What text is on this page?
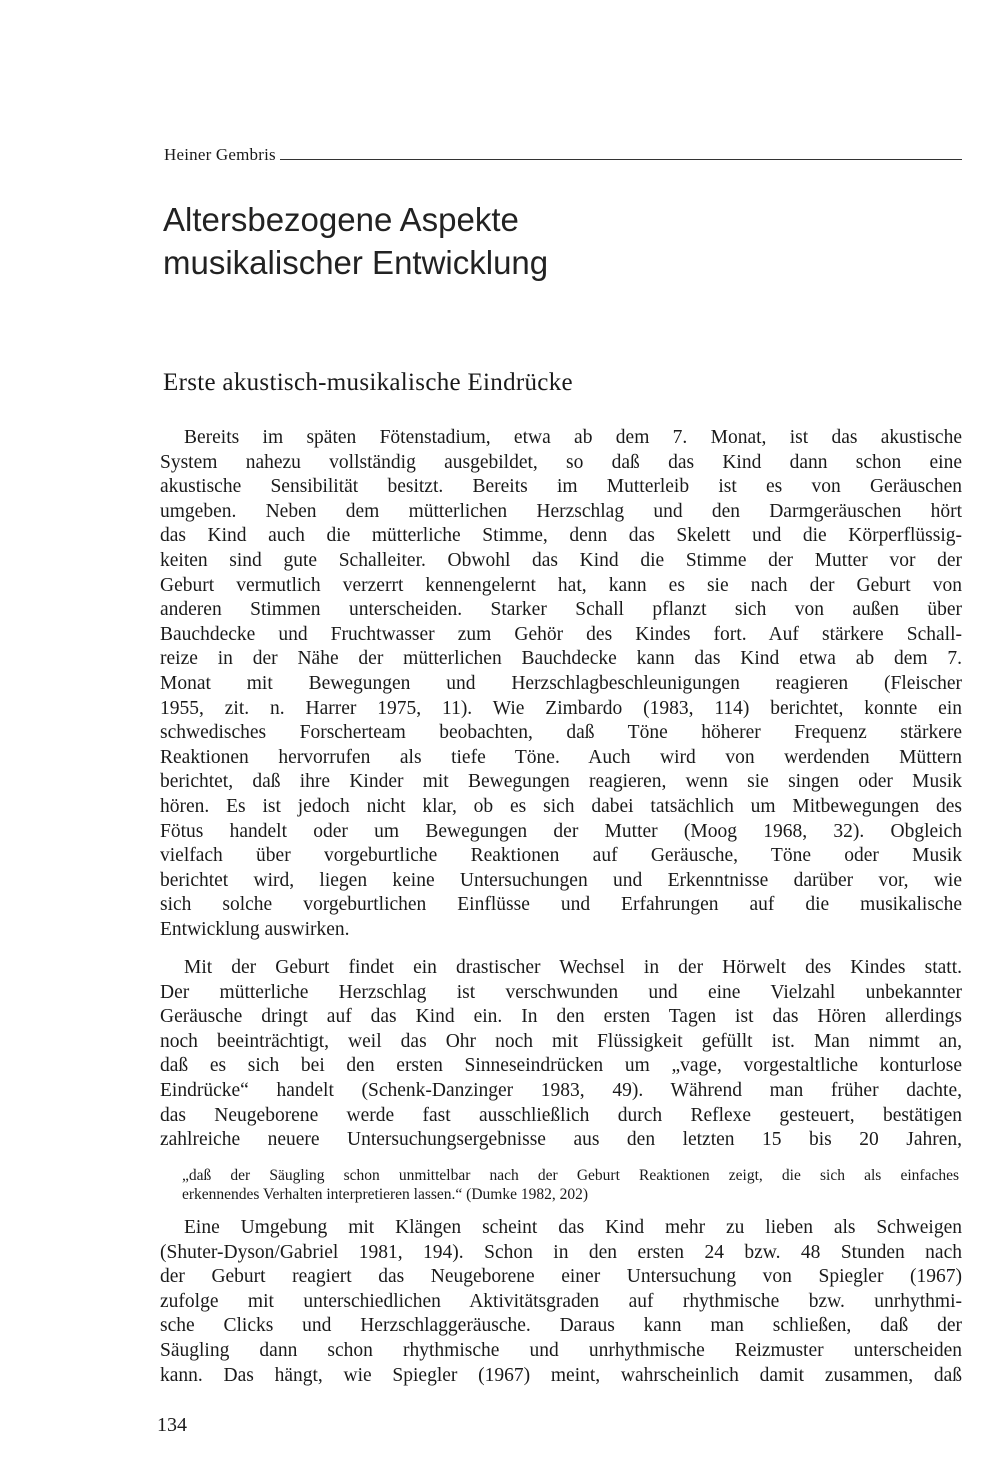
Heiner Gembris
Altersbezogene Aspekte
musikalischer Entwicklung
Erste akustisch-musikalische Eindrücke
Bereits im späten Fötenstadium, etwa ab dem 7. Monat, ist das akustische
System nahezu vollständig ausgebildet, so daß das Kind dann schon eine
akustische Sensibilität besitzt. Bereits im Mutterleib ist es von Geräuschen
umgeben. Neben dem mütterlichen Herzschlag und den Darmgeräuschen hört
das Kind auch die mütterliche Stimme, denn das Skelett und die Körperflüssig-
keiten sind gute Schalleiter. Obwohl das Kind die Stimme der Mutter vor der
Geburt vermutlich verzerrt kennengelernt hat, kann es sie nach der Geburt von
anderen Stimmen unterscheiden. Starker Schall pflanzt sich von außen über
Bauchdecke und Fruchtwasser zum Gehör des Kindes fort. Auf stärkere Schall-
reize in der Nähe der mütterlichen Bauchdecke kann das Kind etwa ab dem 7.
Monat mit Bewegungen und Herzschlagbeschleunigungen reagieren (Fleischer
1955, zit. n. Harrer 1975, 11). Wie Zimbardo (1983, 114) berichtet, konnte ein
schwedisches Forscherteam beobachten, daß Töne höherer Frequenz stärkere
Reaktionen hervorrufen als tiefe Töne. Auch wird von werdenden Müttern
berichtet, daß ihre Kinder mit Bewegungen reagieren, wenn sie singen oder Musik
hören. Es ist jedoch nicht klar, ob es sich dabei tatsächlich um Mitbewegungen des
Fötus handelt oder um Bewegungen der Mutter (Moog 1968, 32). Obgleich
vielfach über vorgeburtliche Reaktionen auf Geräusche, Töne oder Musik
berichtet wird, liegen keine Untersuchungen und Erkenntnisse darüber vor, wie
sich solche vorgeburtlichen Einflüsse und Erfahrungen auf die musikalische
Entwicklung auswirken.
Mit der Geburt findet ein drastischer Wechsel in der Hörwelt des Kindes statt.
Der mütterliche Herzschlag ist verschwunden und eine Vielzahl unbekannter
Geräusche dringt auf das Kind ein. In den ersten Tagen ist das Hören allerdings
noch beeinträchtigt, weil das Ohr noch mit Flüssigkeit gefüllt ist. Man nimmt an,
daß es sich bei den ersten Sinneseindrücken um „vage, vorgestaltliche konturlose
Eindrücke“ handelt (Schenk-Danzinger 1983, 49). Während man früher dachte,
das Neugeborene werde fast ausschließlich durch Reflexe gesteuert, bestätigen
zahlreiche neuere Untersuchungsergebnisse aus den letzten 15 bis 20 Jahren,
„daß der Säugling schon unmittelbar nach der Geburt Reaktionen zeigt, die sich als einfaches
erkennendes Verhalten interpretieren lassen.“ (Dumke 1982, 202)
Eine Umgebung mit Klängen scheint das Kind mehr zu lieben als Schweigen
(Shuter-Dyson/Gabriel 1981, 194). Schon in den ersten 24 bzw. 48 Stunden nach
der Geburt reagiert das Neugeborene einer Untersuchung von Spiegler (1967)
zufolge mit unterschiedlichen Aktivitätsgraden auf rhythmische bzw. unrhythmi-
sche Clicks und Herzschlaggeräusche. Daraus kann man schließen, daß der
Säugling dann schon rhythmische und unrhythmische Reizmuster unterscheiden
kann. Das hängt, wie Spiegler (1967) meint, wahrscheinlich damit zusammen, daß
134
